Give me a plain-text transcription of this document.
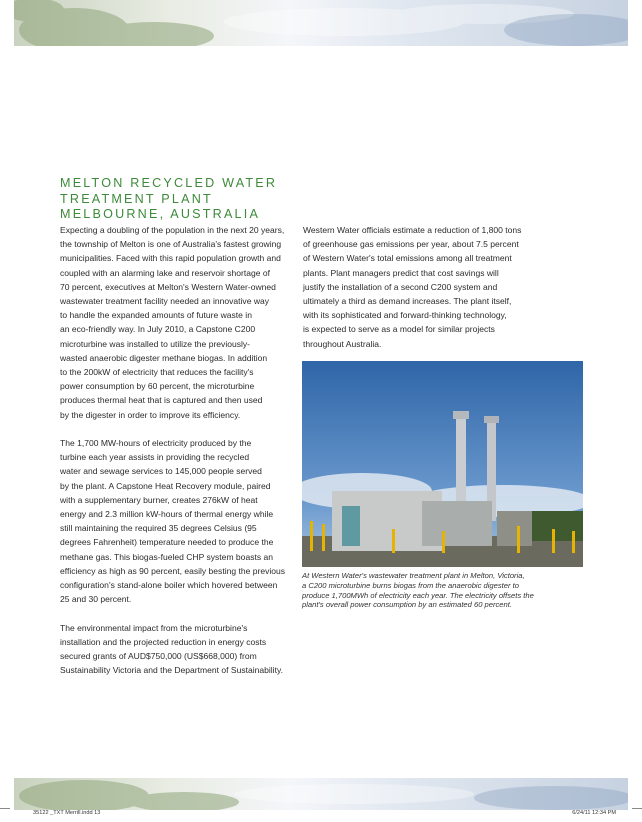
MELTON RECYCLED WATER
TREATMENT PLANT
MELBOURNE, AUSTRALIA

Expecting a doubling of the population in the next 20 years,

the township of Melton is one of Australia's fastest growing

municipalities. Faced with this rapid population growth and

coupled with an alarming lake and reservoir shortage of

70 percent, executives at Melton's Western Water-owned

wastewater treatment facility needed an innovative way

to handle the expanded amounts of future waste in

an eco-friendly way. In July 2010, a Capstone C200

microturbine was installed to utilize the previously-

wasted anaerobic digester methane biogas. In addition

to the 200kW of electricity that reduces the facility's

power consumption by 60 percent, the microturbine

produces thermal heat that is captured and then used

by the digester in order to improve its efficiency.

The 1,700 MW-hours of electricity produced by the

turbine each year assists in providing the recycled

water and sewage services to 145,000 people served

by the plant. A Capstone Heat Recovery module, paired

with a supplementary burner, creates 276kW of heat

energy and 2.3 million kW-hours of thermal energy while

still maintaining the required 35 degrees Celsius (95

degrees Fahrenheit) temperature needed to produce the

methane gas. This biogas-fueled CHP system boasts an

efficiency as high as 90 percent, easily besting the previous

configuration's stand-alone boiler which hovered between

25 and 30 percent.

The environmental impact from the microturbine's

installation and the projected reduction in energy costs

secured grants of AUD$750,000 (US$668,000) from

Sustainability Victoria and the Department of Sustainability.

Western Water officials estimate a reduction of 1,800 tons

of greenhouse gas emissions per year, about 7.5 percent

of Western Water's total emissions among all treatment

plants. Plant managers predict that cost savings will

justify the installation of a second C200 system and

ultimately a third as demand increases. The plant itself,

with its sophisticated and forward-thinking technology,

is expected to serve as a model for similar projects

throughout Australia.

At Western Water's wastewater treatment plant in Melton, Victoria,

a C200 microturbine burns biogas from the anaerobic digester to

produce 1,700MWh of electricity each year. The electricity offsets the

plant's overall power consumption by an estimated 60 percent.

35122 _TXT Merrill.indd 13	6/24/11 12:34 PM
